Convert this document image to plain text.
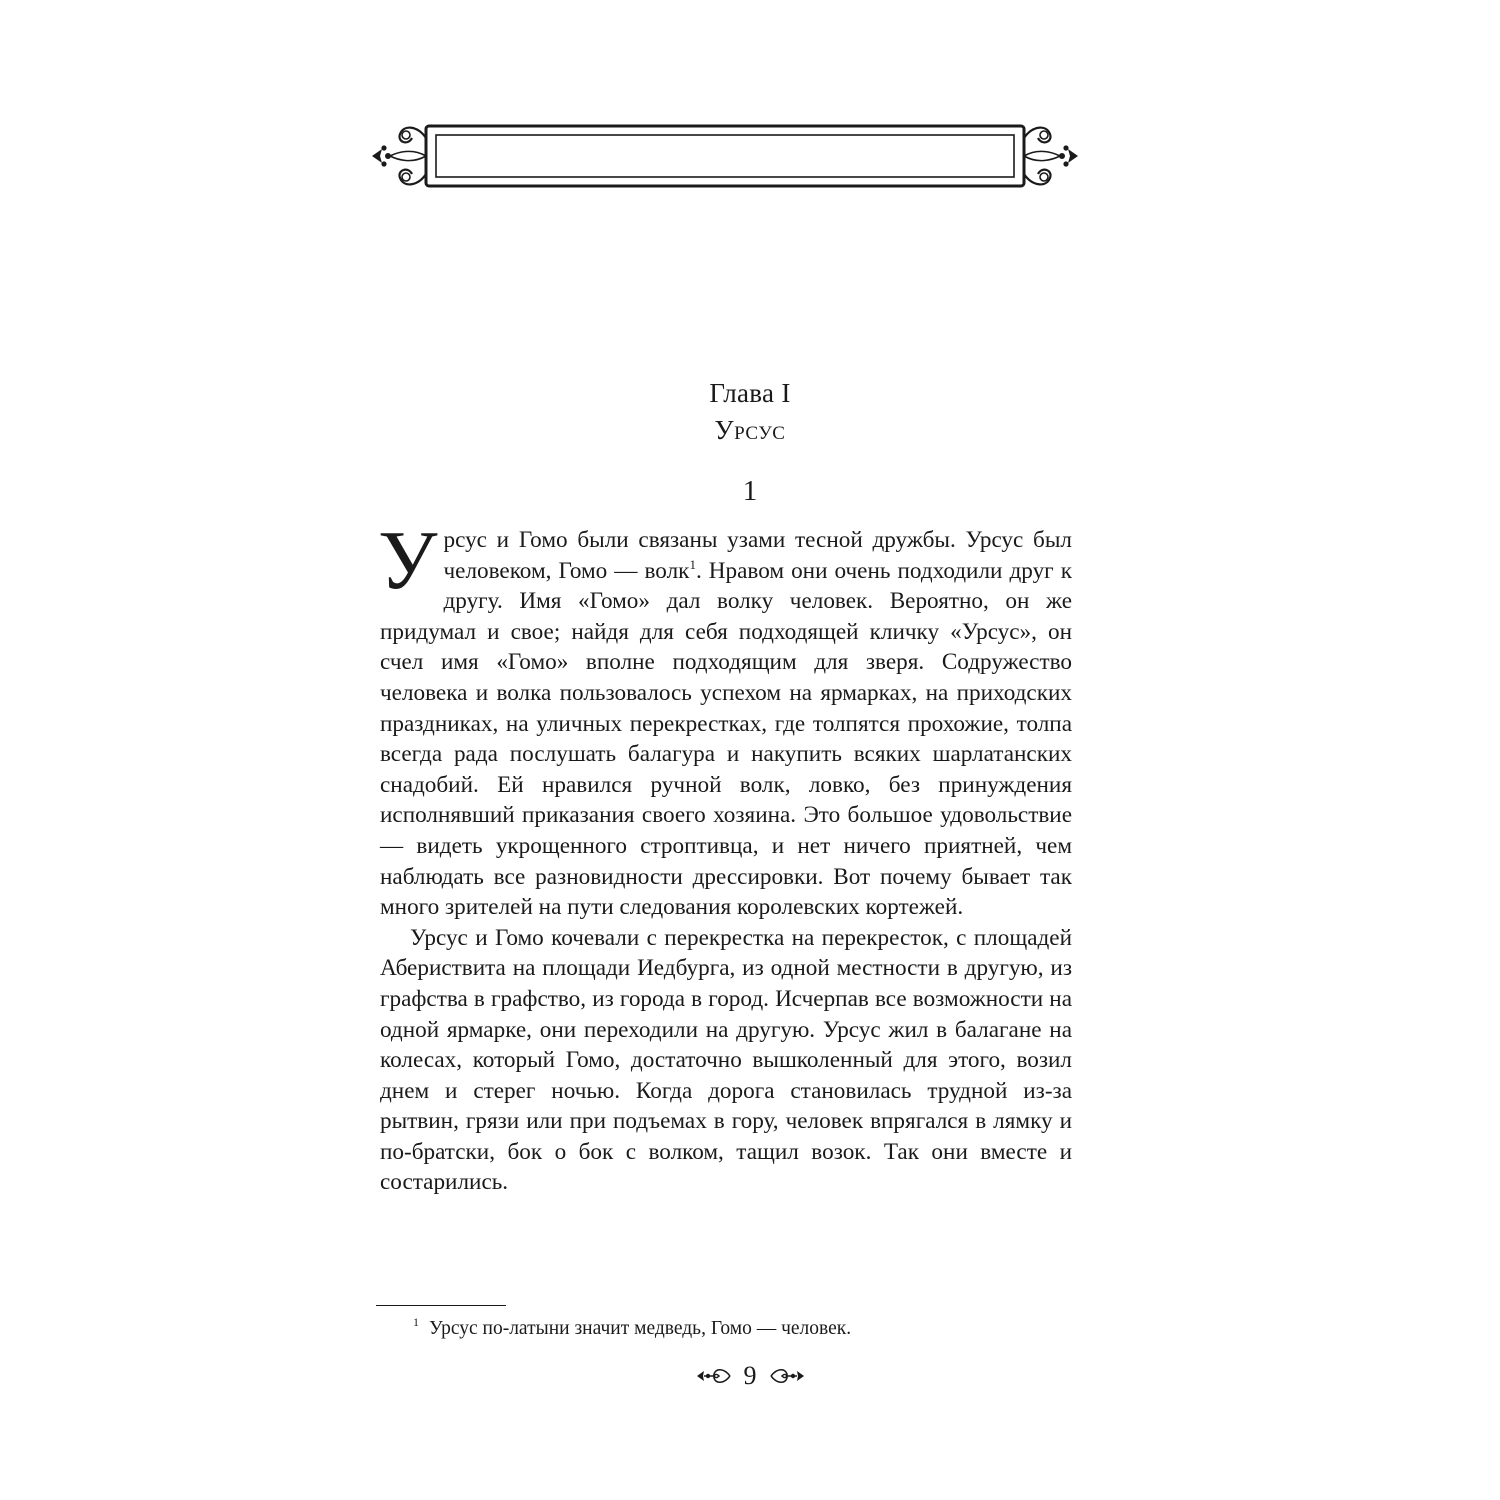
Глава I
Урсус
1

Урсус и Гомо были связаны узами тесной дружбы. Урсус был человеком, Гомо — волк$^1$. Нравом они очень подходили друг к другу. Имя «Гомо» дал волку человек. Вероятно, он же придумал и свое; найдя для себя подходящей кличку «Урсус», он счел имя «Гомо» вполне подходящим для зверя. Содружество человека и волка пользовалось успехом на ярмарках, на приходских праздниках, на уличных перекрестках, где толпятся прохожие, толпа всегда рада послушать балагура и накупить всяких шарлатанских снадобий. Ей нравился ручной волк, ловко, без принуждения исполнявший приказания своего хозяина. Это большое удовольствие — видеть укрощенного строптивца, и нет ничего приятней, чем наблюдать все разновидности дрессировки. Вот почему бывает так много зрителей на пути следования королевских кортежей.

Урсус и Гомо кочевали с перекрестка на перекресток, с площадей Абериствита на площади Иедбурга, из одной местности в другую, из графства в графство, из города в город. Исчерпав все возможности на одной ярмарке, они переходили на другую. Урсус жил в балагане на колесах, который Гомо, достаточно вышколенный для этого, возил днем и стерег ночью. Когда дорога становилась трудной из-за рытвин, грязи или при подъемах в гору, человек впрягался в лямку и по-братски, бок о бок с волком, тащил возок. Так они вместе и состарились.

$^1$ Урсус по-латыни значит медведь, Гомо — человек.
9
